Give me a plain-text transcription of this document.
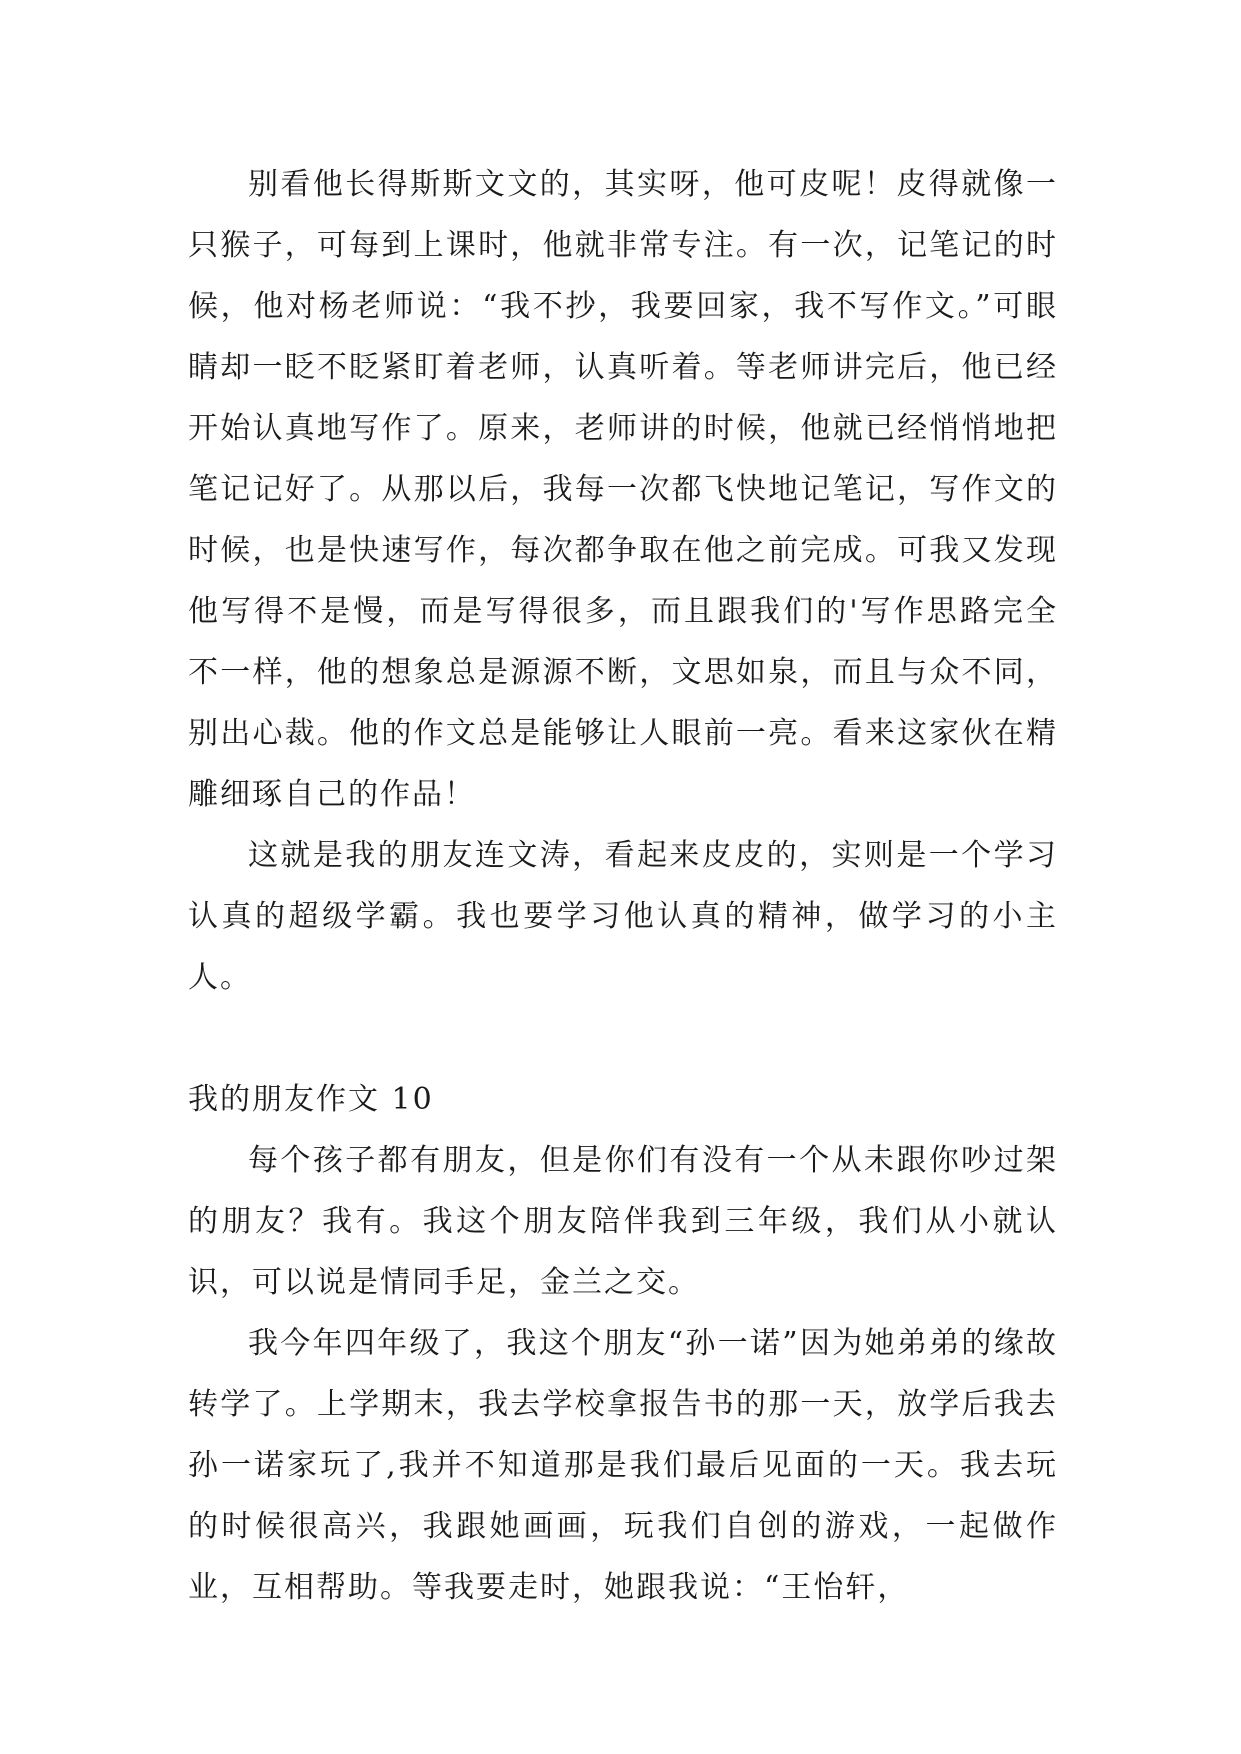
别看他长得斯斯文文的，其实呀，他可皮呢！皮得就像一只猴子，可每到上课时，他就非常专注。有一次，记笔记的时候，他对杨老师说：“我不抄，我要回家，我不写作文。”可眼睛却一眨不眨紧盯着老师，认真听着。等老师讲完后，他已经开始认真地写作了。原来，老师讲的时候，他就已经悄悄地把笔记记好了。从那以后，我每一次都飞快地记笔记，写作文的时候，也是快速写作，每次都争取在他之前完成。可我又发现他写得不是慢，而是写得很多，而且跟我们的'写作思路完全不一样，他的想象总是源源不断，文思如泉，而且与众不同，别出心裁。他的作文总是能够让人眼前一亮。看来这家伙在精雕细琢自己的作品！

这就是我的朋友连文涛，看起来皮皮的，实则是一个学习认真的超级学霸。我也要学习他认真的精神，做学习的小主人。

我的朋友作文 10

每个孩子都有朋友，但是你们有没有一个从未跟你吵过架的朋友？我有。我这个朋友陪伴我到三年级，我们从小就认识，可以说是情同手足，金兰之交。

我今年四年级了，我这个朋友“孙一诺”因为她弟弟的缘故转学了。上学期末，我去学校拿报告书的那一天，放学后我去孙一诺家玩了,我并不知道那是我们最后见面的一天。我去玩的时候很高兴，我跟她画画，玩我们自创的游戏，一起做作业，互相帮助。等我要走时，她跟我说：“王怡轩，
